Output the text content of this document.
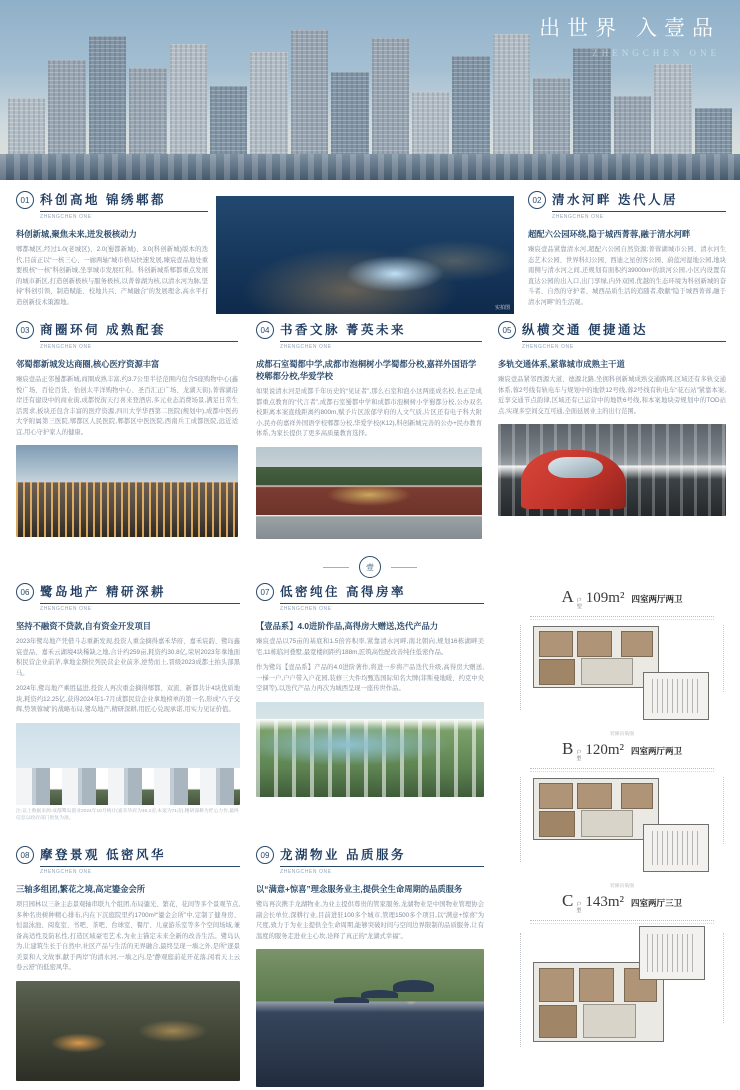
出世界 入壹品
ZHENGCHEN ONE
01 科创高地 锦绣郫都
ZHENGCHEN ONE
科创新城,聚焦未来,迸发极核动力
郫都城区,经过1.0(老城区)、2.0(蜀都新城)、3.0(科创新城)版本的迭代,目前正以“一核三心、一廊两轴”城市格局快速发展,臻宸壹品地处重要极核“一核”科创新城,坐享城市发展红利。科创新城系郫都重点发展的城市新区,打造创新极核与服务极核,以菁蓉湖为核,以清水河为脉,坚持“科创引领、制造赋能、校地共兴、产城融合”的发展理念,高水平打造创新技术策源地。
实拍图
02 清水河畔 迭代人居
ZHENGCHEN ONE
超配六公园环绕,隐于城西菁蓉,融于清水河畔
臻宸壹品紧靠清水河,超配六公园自然资源;菁蓉湖城市公园、清水河生态艺术公园、世界科幻公园、西迪之星创客公园、蔚蓝河湿地公园,地块南侧与清水河之间,还规划有面积约39000m²的滨河公园,小区内设置有直达公园的出入口,出门享绿,内外双园,优越的生态环境为科创新城的奋斗者、自然的守护者、城西品质生活的追随者,敬献“隐于城西菁蓉,融于清水河畔”的生活观。
03 商圈环伺 成熟配套
ZHENGCHEN ONE
邻蜀都新城发达商圈,核心医疗资源丰富
臻宸壹品正邻蜀都新城,商圈成熟丰富,约3.7公里半径范围内包含5座购物中心(鑫悦广场、百伦百货、怡创太平洋购物中心、圣百汇正广场、龙湖天街),菁蓉湖沿岸还有建设中的商业街,成都悦街天行喜来登酒店,多元业态消费场景,满足日常生活需求,板块还包含丰富的医疗资源,四川大学华西第二医院(规划中),成都中医药大学附属第三医院,郫都区人民医院,郫都区中医医院,西南兵工成都医院,远近适宜,用心守护家人的健康。
04 书香文脉 菁英未来
ZHENGCHEN ONE
成都石室蜀都中学,成都市泡桐树小学蜀都分校,嘉祥外国语学校郫都分校,华爱学校
如果说清水河是成都千年历史的“见证者”,那么石室和泡小这两座成名校,也正是成都重点教育的“代言者”,成都石室蜀都中学和成都市泡桐树小学蜀都分校,公办双名校距离本案直线距离约800m,赋予片区浓郁学府的人文气质,片区还有电子科大附小,民办的嘉祥外国语学校郫都分校,华爱学校(K12),科创新城完善的公办+民办教育体系,为家长提供了更多高质量教育选择。
05 纵横交通 便捷通达
ZHENGCHEN ONE
多轨交通体系,紧靠城市成熟主干道
臻宸壹品紧邻西源大道、德源北路,坐拥科创新城成熟交通路网,区域还有多轨交通体系,蓉2号线有轨电车与规划中的地铁12号线,蓉2号线有轨电车“花石站”紧靠本案,近享交通节点韵律,区域还有已运营中的地铁6号线,和本案地块旁规划中的TOD站点,实现多空间交互可通,全面延展业主的出行范围。
壹
06 鹭岛地产 精研深耕
ZHENGCHEN ONE
坚持不融资不贷款,自有资金开发项目
2023年鹭岛地产凭借斗志重新发现,投资人重金摘得嘉禾华府、嘉禾宸韵、鹭岛鑫宸壹品、嘉禾云湖境4块稀缺之地,合计约259亩,耗资约30.8亿,荣居2023年拿地面积民营企业前茅,拿地金额位列民营企业前茅,逆势而上,晋级2023成都土拍头部黑马。
2024年,鹭岛地产乘胜猛进,投资人再次重金摘得郫都、双流、新都共计4块优质地块,耗资约12.25亿,获得2024年1-7月成都民营企业拿地榜单的第一名,形成“八子交辉,势领蓉城”的战略布局,鹭岛地产,精研深耕,用匠心兑现承诺,用实力见证价值。
注:以上数据来源:成都鹭岛置业2024年10月统计(嘉禾华府为46.2亩,本案为71亩),精研深耕为匠心力作,最终信息以政府部门批复为准。
07 低密纯住 高得房率
ZHENGCHEN ONE
【壹品系】4.0进阶作品,高得房大赠送,迭代产品力
臻宸壹品以75亩的基底和1.5倍容积率,紧靠清水河畔,南北朝向,规划16栋湖畔美宅,11栋临河叠墅,最宽楼间距约188m,匠筑高性配改善纯住低密作品。
作为鹭岛【壹品系】产品的4.0进阶著作,将进一步将产品迭代升级,高得房大赠送,一梯一户,户户带入户花园,装修三大件均甄选国际知名大牌(菲斯曼地暖、约克中央空调等),以迭代产品力再次为城西呈现一座传世作品。
08 摩登景观 低密风华
ZHENGCHEN ONE
三轴多组团,繁花之境,高定鎏金会所
项目园林以三条主态景观轴串联九个组团,布局鎏光、繁花、花间等多个景观节点,多种名贵树种精心排布,内在下沉庭院里约1700m²“鎏金会所”中,定制了健身房、恒温泳池、阅览室、书吧、茶吧、台球室、餐厅、儿童游乐室等多个空间场域,兼备高适性及防私性,打造区域豪宅艺术,为业主锚定未来全新的改善生活。鹭岛认为,让建筑生长于自然中,社区产品与生活的无界融合,最终呈现一墙之外,是所“逐景美景和人文故事,献于两岸”的清水河,一墙之内,是“静观庭前花开花落,闲看天上云卷云舒”的低密风华。
09 龙湖物业 品质服务
ZHENGCHEN ONE
以“满意+惊喜”理念服务业主,提供全生命周期的品质服务
鹭岛再次携手龙湖物业,为业主提供尊贵的管家服务,龙湖物业是中国物业管理协会副会长单位,深耕行业,目前进驻100多个城市,管理1500多个项目,以“满意+惊喜”为尺度,致力于为业主提供全生命周期,能够突破时间与空间边界限制的品质服务,让有温度的服务走进业主心坎,诠释了真正的“龙湖式幸福”。
A 户型
109m² 四室两厅两卫
装修渲染图
B 户型
120m² 四室两厅两卫
装修渲染图
C 户型
143m² 四室两厅三卫
